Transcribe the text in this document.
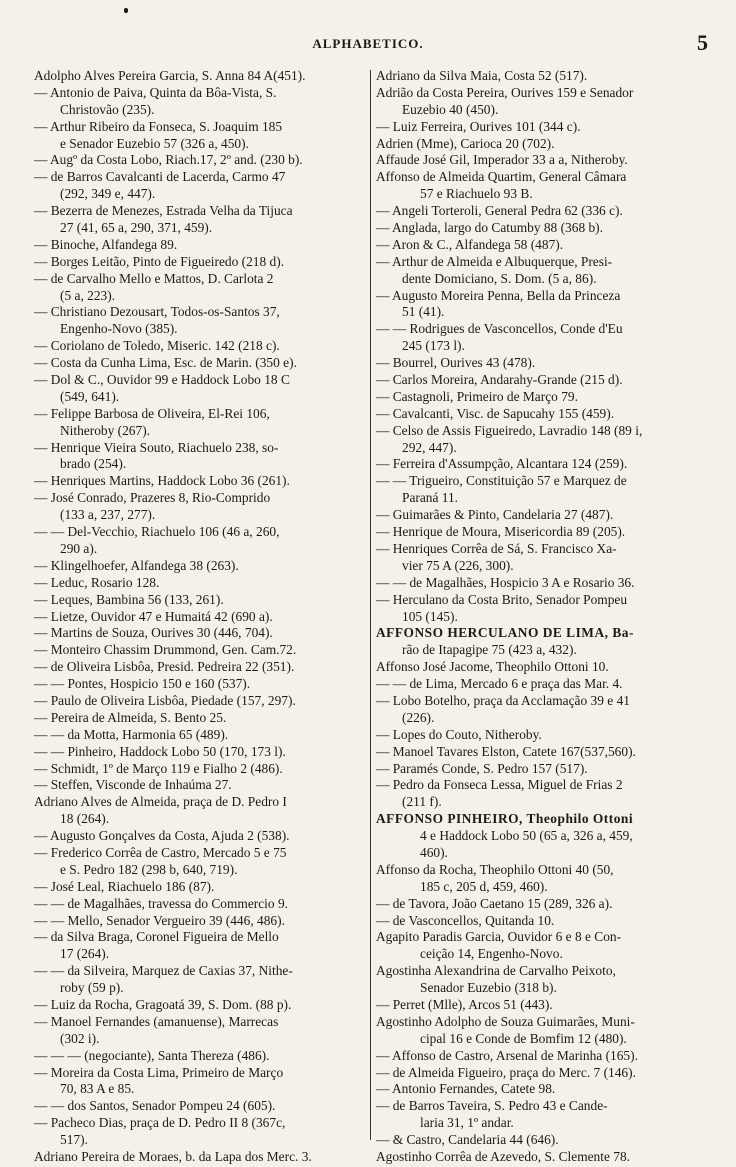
ALPHABETICO.	5
Adolpho Alves Pereira Garcia, S. Anna 84 A(451).
— Antonio de Paiva, Quinta da Bôa-Vista, S.
Christovão (235).
— Arthur Ribeiro da Fonseca, S. Joaquim 185
e Senador Euzebio 57 (326 a, 450).
— Augº da Costa Lobo, Riach.17, 2º and. (230 b).
— de Barros Cavalcanti de Lacerda, Carmo 47
(292, 349 e, 447).
— Bezerra de Menezes, Estrada Velha da Tijuca
27 (41, 65 a, 290, 371, 459).
— Binoche, Alfandega 89.
— Borges Leitão, Pinto de Figueiredo (218 d).
— de Carvalho Mello e Mattos, D. Carlota 2
(5 a, 223).
— Christiano Dezousart, Todos-os-Santos 37,
Engenho-Novo (385).
— Coriolano de Toledo, Miseric. 142 (218 c).
— Costa da Cunha Lima, Esc. de Marin. (350 e).
— Dol & C., Ouvidor 99 e Haddock Lobo 18 C
(549, 641).
— Felippe Barbosa de Oliveira, El-Rei 106,
Nitheroby (267).
— Henrique Vieira Souto, Riachuelo 238, so-
brado (254).
— Henriques Martins, Haddock Lobo 36 (261).
— José Conrado, Prazeres 8, Rio-Comprido
(133 a, 237, 277).
— — Del-Vecchio, Riachuelo 106 (46 a, 260,
290 a).
— Klingelhoefer, Alfandega 38 (263).
— Leduc, Rosario 128.
— Leques, Bambina 56 (133, 261).
— Lietze, Ouvidor 47 e Humaitá 42 (690 a).
— Martins de Souza, Ourives 30 (446, 704).
— Monteiro Chassim Drummond, Gen. Cam.72.
— de Oliveira Lisbôa, Presid. Pedreira 22 (351).
— — Pontes, Hospicio 150 e 160 (537).
— Paulo de Oliveira Lisbôa, Piedade (157, 297).
— Pereira de Almeida, S. Bento 25.
— — da Motta, Harmonia 65 (489).
— — Pinheiro, Haddock Lobo 50 (170, 173 l).
— Schmidt, 1º de Março 119 e Fialho 2 (486).
— Steffen, Visconde de Inhaúma 27.
Adriano Alves de Almeida, praça de D. Pedro I
18 (264).
— Augusto Gonçalves da Costa, Ajuda 2 (538).
— Frederico Corrêa de Castro, Mercado 5 e 75
e S. Pedro 182 (298 b, 640, 719).
— José Leal, Riachuelo 186 (87).
— — de Magalhães, travessa do Commercio 9.
— — Mello, Senador Vergueiro 39 (446, 486).
— da Silva Braga, Coronel Figueira de Mello
17 (264).
— — da Silveira, Marquez de Caxias 37, Nithe-
roby (59 p).
— Luiz da Rocha, Gragoatá 39, S. Dom. (88 p).
— Manoel Fernandes (amanuense), Marrecas
(302 i).
— — — (negociante), Santa Thereza (486).
— Moreira da Costa Lima, Primeiro de Março
70, 83 A e 85.
— — dos Santos, Senador Pompeu 24 (605).
— Pacheco Dias, praça de D. Pedro II 8 (367c,
517).
Adriano Pereira de Moraes, b. da Lapa dos Merc. 3.
Adriano da Silva Maia, Costa 52 (517).
Adrião da Costa Pereira, Ourives 159 e Senador
Euzebio 40 (450).
— Luiz Ferreira, Ourives 101 (344 c).
Adrien (Mme), Carioca 20 (702).
Affaude José Gil, Imperador 33 a a, Nitheroby.
Affonso de Almeida Quartim, General Câmara
57 e Riachuelo 93 B.
— Angeli Torteroli, General Pedra 62 (336 c).
— Anglada, largo do Catumby 88 (368 b).
— Aron & C., Alfandega 58 (487).
— Arthur de Almeida e Albuquerque, Presi-
dente Domiciano, S. Dom. (5 a, 86).
— Augusto Moreira Penna, Bella da Princeza
51 (41).
— — Rodrigues de Vasconcellos, Conde d'Eu
245 (173 l).
— Bourrel, Ourives 43 (478).
— Carlos Moreira, Andarahy-Grande (215 d).
— Castagnoli, Primeiro de Março 79.
— Cavalcanti, Visc. de Sapucahy 155 (459).
— Celso de Assis Figueiredo, Lavradio 148 (89 i,
292, 447).
— Ferreira d'Assumpção, Alcantara 124 (259).
— — Trigueiro, Constituição 57 e Marquez de
Paraná 11.
— Guimarães & Pinto, Candelaria 27 (487).
— Henrique de Moura, Misericordia 89 (205).
— Henriques Corrêa de Sá, S. Francisco Xa-
vier 75 A (226, 300).
— — de Magalhães, Hospicio 3 A e Rosario 36.
— Herculano da Costa Brito, Senador Pompeu
105 (145).
AFFONSO HERCULANO DE LIMA, Ba-
rão de Itapagipe 75 (423 a, 432).
Affonso José Jacome, Theophilo Ottoni 10.
— — de Lima, Mercado 6 e praça das Mar. 4.
— Lobo Botelho, praça da Acclamação 39 e 41
(226).
— Lopes do Couto, Nitheroby.
— Manoel Tavares Elston, Catete 167(537,560).
— Paramés Conde, S. Pedro 157 (517).
— Pedro da Fonseca Lessa, Miguel de Frias 2
(211 f).
AFFONSO PINHEIRO, Theophilo Ottoni
4 e Haddock Lobo 50 (65 a, 326 a, 459,
460).
Affonso da Rocha, Theophilo Ottoni 40 (50,
185 c, 205 d, 459, 460).
— de Tavora, João Caetano 15 (289, 326 a).
— de Vasconcellos, Quitanda 10.
Agapito Paradis Garcia, Ouvidor 6 e 8 e Con-
ceição 14, Engenho-Novo.
Agostinha Alexandrina de Carvalho Peixoto,
Senador Euzebio (318 b).
— Perret (Mlle), Arcos 51 (443).
Agostinho Adolpho de Souza Guimarães, Muni-
cipal 16 e Conde de Bomfim 12 (480).
— Affonso de Castro, Arsenal de Marinha (165).
— de Almeida Figueiro, praça do Merc. 7 (146).
— Antonio Fernandes, Catete 98.
— de Barros Taveira, S. Pedro 43 e Cande-
laria 31, 1º andar.
— & Castro, Candelaria 44 (646).
Agostinho Corrêa de Azevedo, S. Clemente 78.
